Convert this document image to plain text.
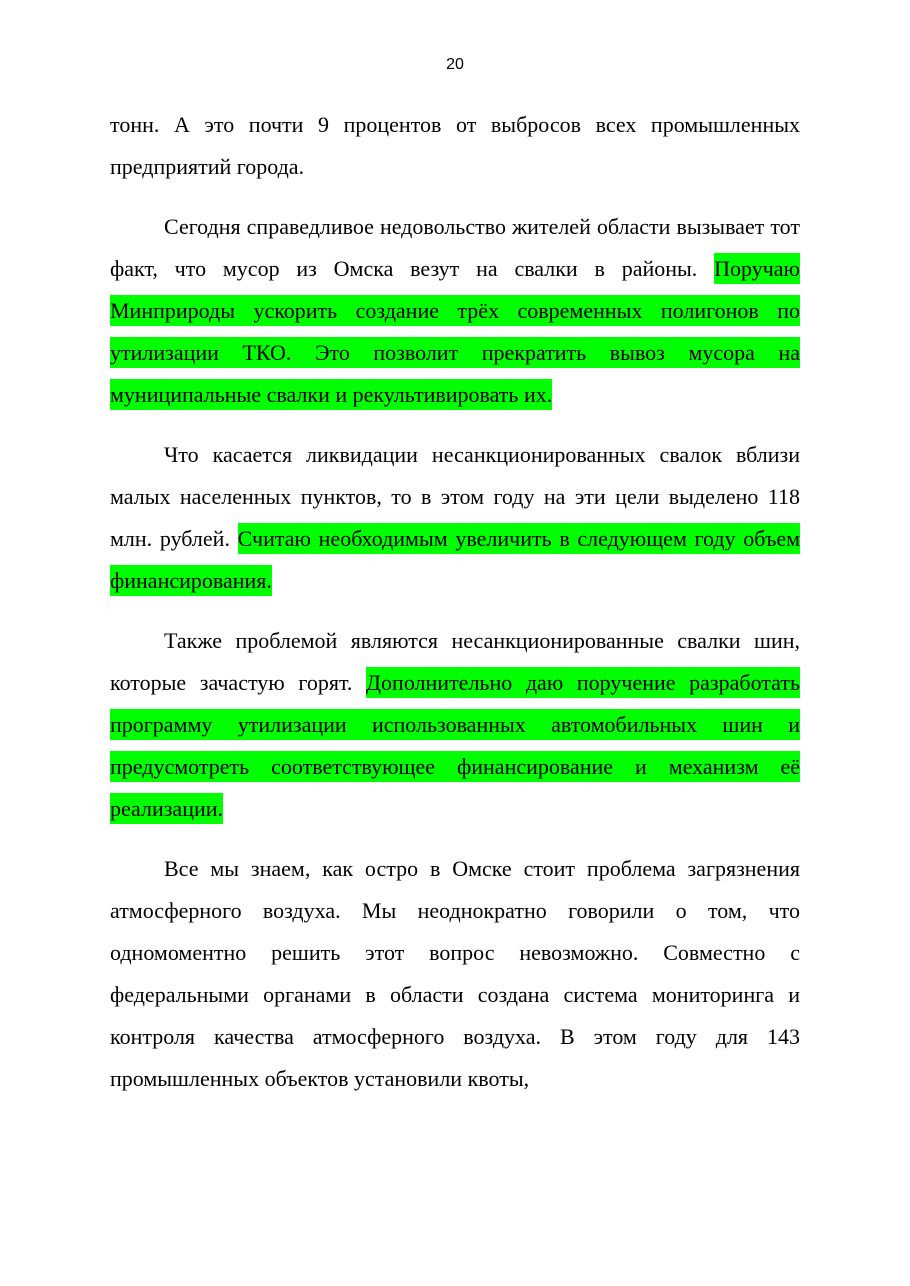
20

тонн. А это почти 9 процентов от выбросов всех промышленных предприятий города.

Сегодня справедливое недовольство жителей области вызывает тот факт, что мусор из Омска везут на свалки в районы. Поручаю Минприроды ускорить создание трёх современных полигонов по утилизации ТКО. Это позволит прекратить вывоз мусора на муниципальные свалки и рекультивировать их.

Что касается ликвидации несанкционированных свалок вблизи малых населенных пунктов, то в этом году на эти цели выделено 118 млн. рублей. Считаю необходимым увеличить в следующем году объем финансирования.

Также проблемой являются несанкционированные свалки шин, которые зачастую горят. Дополнительно даю поручение разработать программу утилизации использованных автомобильных шин и предусмотреть соответствующее финансирование и механизм её реализации.

Все мы знаем, как остро в Омске стоит проблема загрязнения атмосферного воздуха. Мы неоднократно говорили о том, что одномоментно решить этот вопрос невозможно. Совместно с федеральными органами в области создана система мониторинга и контроля качества атмосферного воздуха. В этом году для 143 промышленных объектов установили квоты,
